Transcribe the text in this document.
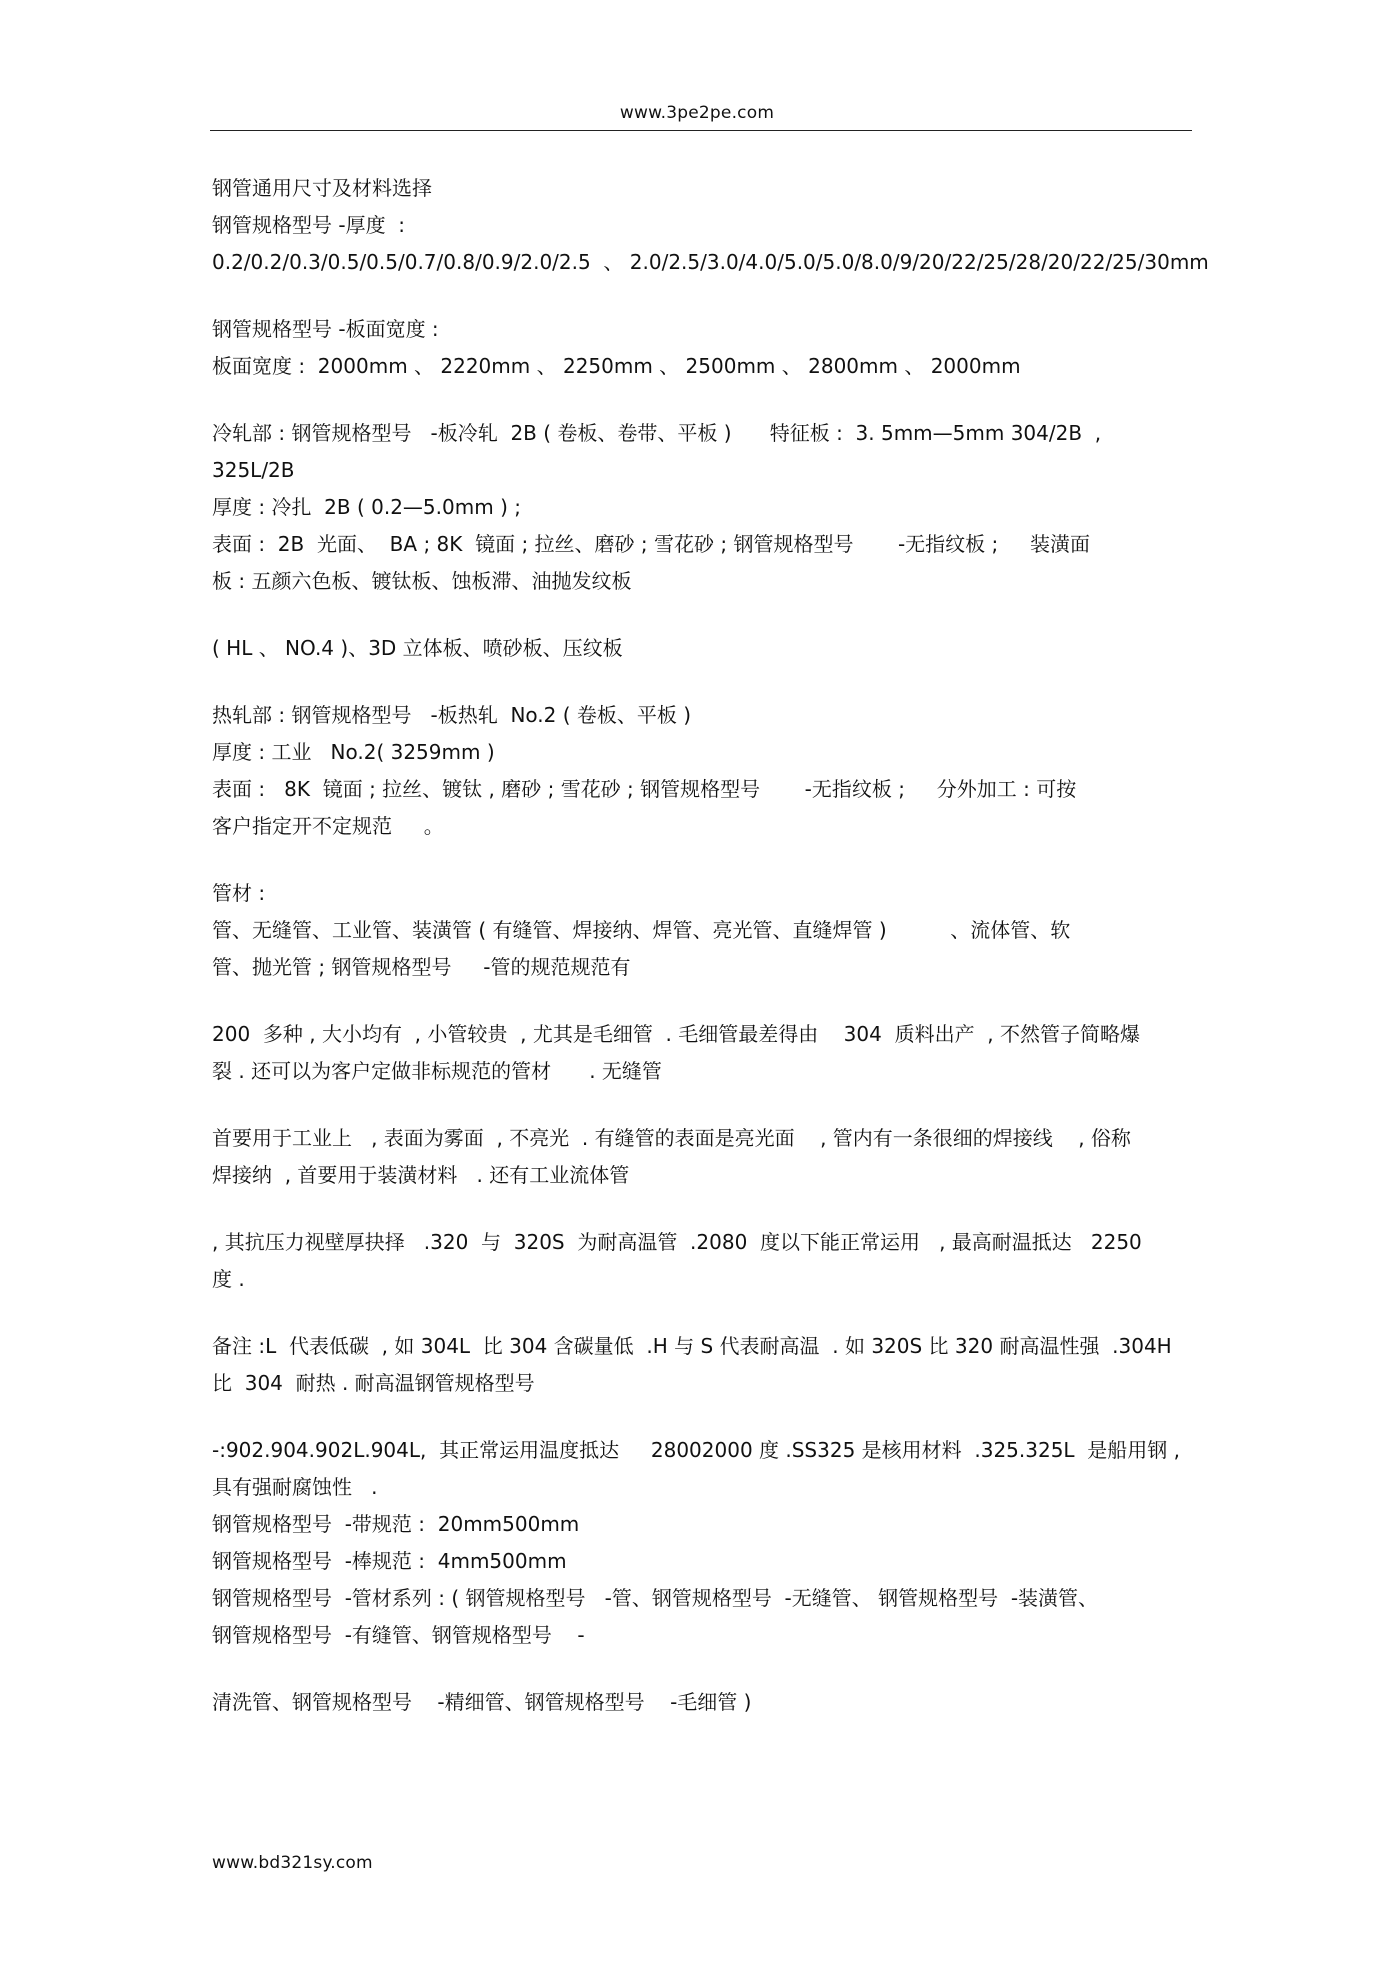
www.3pe2pe.com
钢管通用尺寸及材料选择
钢管规格型号 -厚度  :
0.2/0.2/0.3/0.5/0.5/0.7/0.8/0.9/2.0/2.5  、 2.0/2.5/3.0/4.0/5.0/5.0/8.0/9/20/22/25/28/20/22/25/30mm
钢管规格型号 -板面宽度 :
板面宽度 :  2000mm 、 2220mm 、 2250mm 、 2500mm 、 2800mm 、 2000mm
冷轧部 : 钢管规格型号   -板冷轧  2B ( 卷板、卷带、平板 )      特征板 :  3. 5mm—5mm 304/2B  ,
325L/2B
厚度 : 冷扎  2B ( 0.2—5.0mm ) ;
表面 :  2B  光面、  BA ; 8K  镜面 ; 拉丝、磨砂 ; 雪花砂 ; 钢管规格型号       -无指纹板 ;     装潢面
板 : 五颜六色板、镀钛板、蚀板滞、油抛发纹板
( HL 、 NO.4 )、3D 立体板、喷砂板、压纹板
热轧部 : 钢管规格型号   -板热轧  No.2 ( 卷板、平板 )
厚度 : 工业   No.2( 3259mm )
表面 :   8K  镜面 ; 拉丝、镀钛 , 磨砂 ; 雪花砂 ; 钢管规格型号       -无指纹板 ;     分外加工 : 可按
客户指定开不定规范     。
管材 :
管、无缝管、工业管、装潢管 ( 有缝管、焊接纳、焊管、亮光管、直缝焊管 )          、流体管、软
管、抛光管 ; 钢管规格型号     -管的规范规范有
200  多种 , 大小均有  , 小管较贵  , 尤其是毛细管  . 毛细管最差得由    304  质料出产  , 不然管子简略爆
裂 . 还可以为客户定做非标规范的管材      . 无缝管
首要用于工业上   , 表面为雾面  , 不亮光  . 有缝管的表面是亮光面    , 管内有一条很细的焊接线    , 俗称
焊接纳  , 首要用于装潢材料   . 还有工业流体管
, 其抗压力视壁厚抉择   .320  与  320S  为耐高温管  .2080  度以下能正常运用   , 最高耐温抵达   2250
度 .
备注 :L  代表低碳  , 如 304L  比 304 含碳量低  .H 与 S 代表耐高温  . 如 320S 比 320 耐高温性强  .304H
比  304  耐热 . 耐高温钢管规格型号
-:902.904.902L.904L,  其正常运用温度抵达     28002000 度 .SS325 是核用材料  .325.325L  是船用钢 ,
具有强耐腐蚀性   .
钢管规格型号  -带规范 :  20mm500mm
钢管规格型号  -棒规范 :  4mm500mm
钢管规格型号  -管材系列 : ( 钢管规格型号   -管、钢管规格型号  -无缝管、 钢管规格型号  -装潢管、
钢管规格型号  -有缝管、钢管规格型号    -
清洗管、钢管规格型号    -精细管、钢管规格型号    -毛细管 )
www.bd321sy.com
